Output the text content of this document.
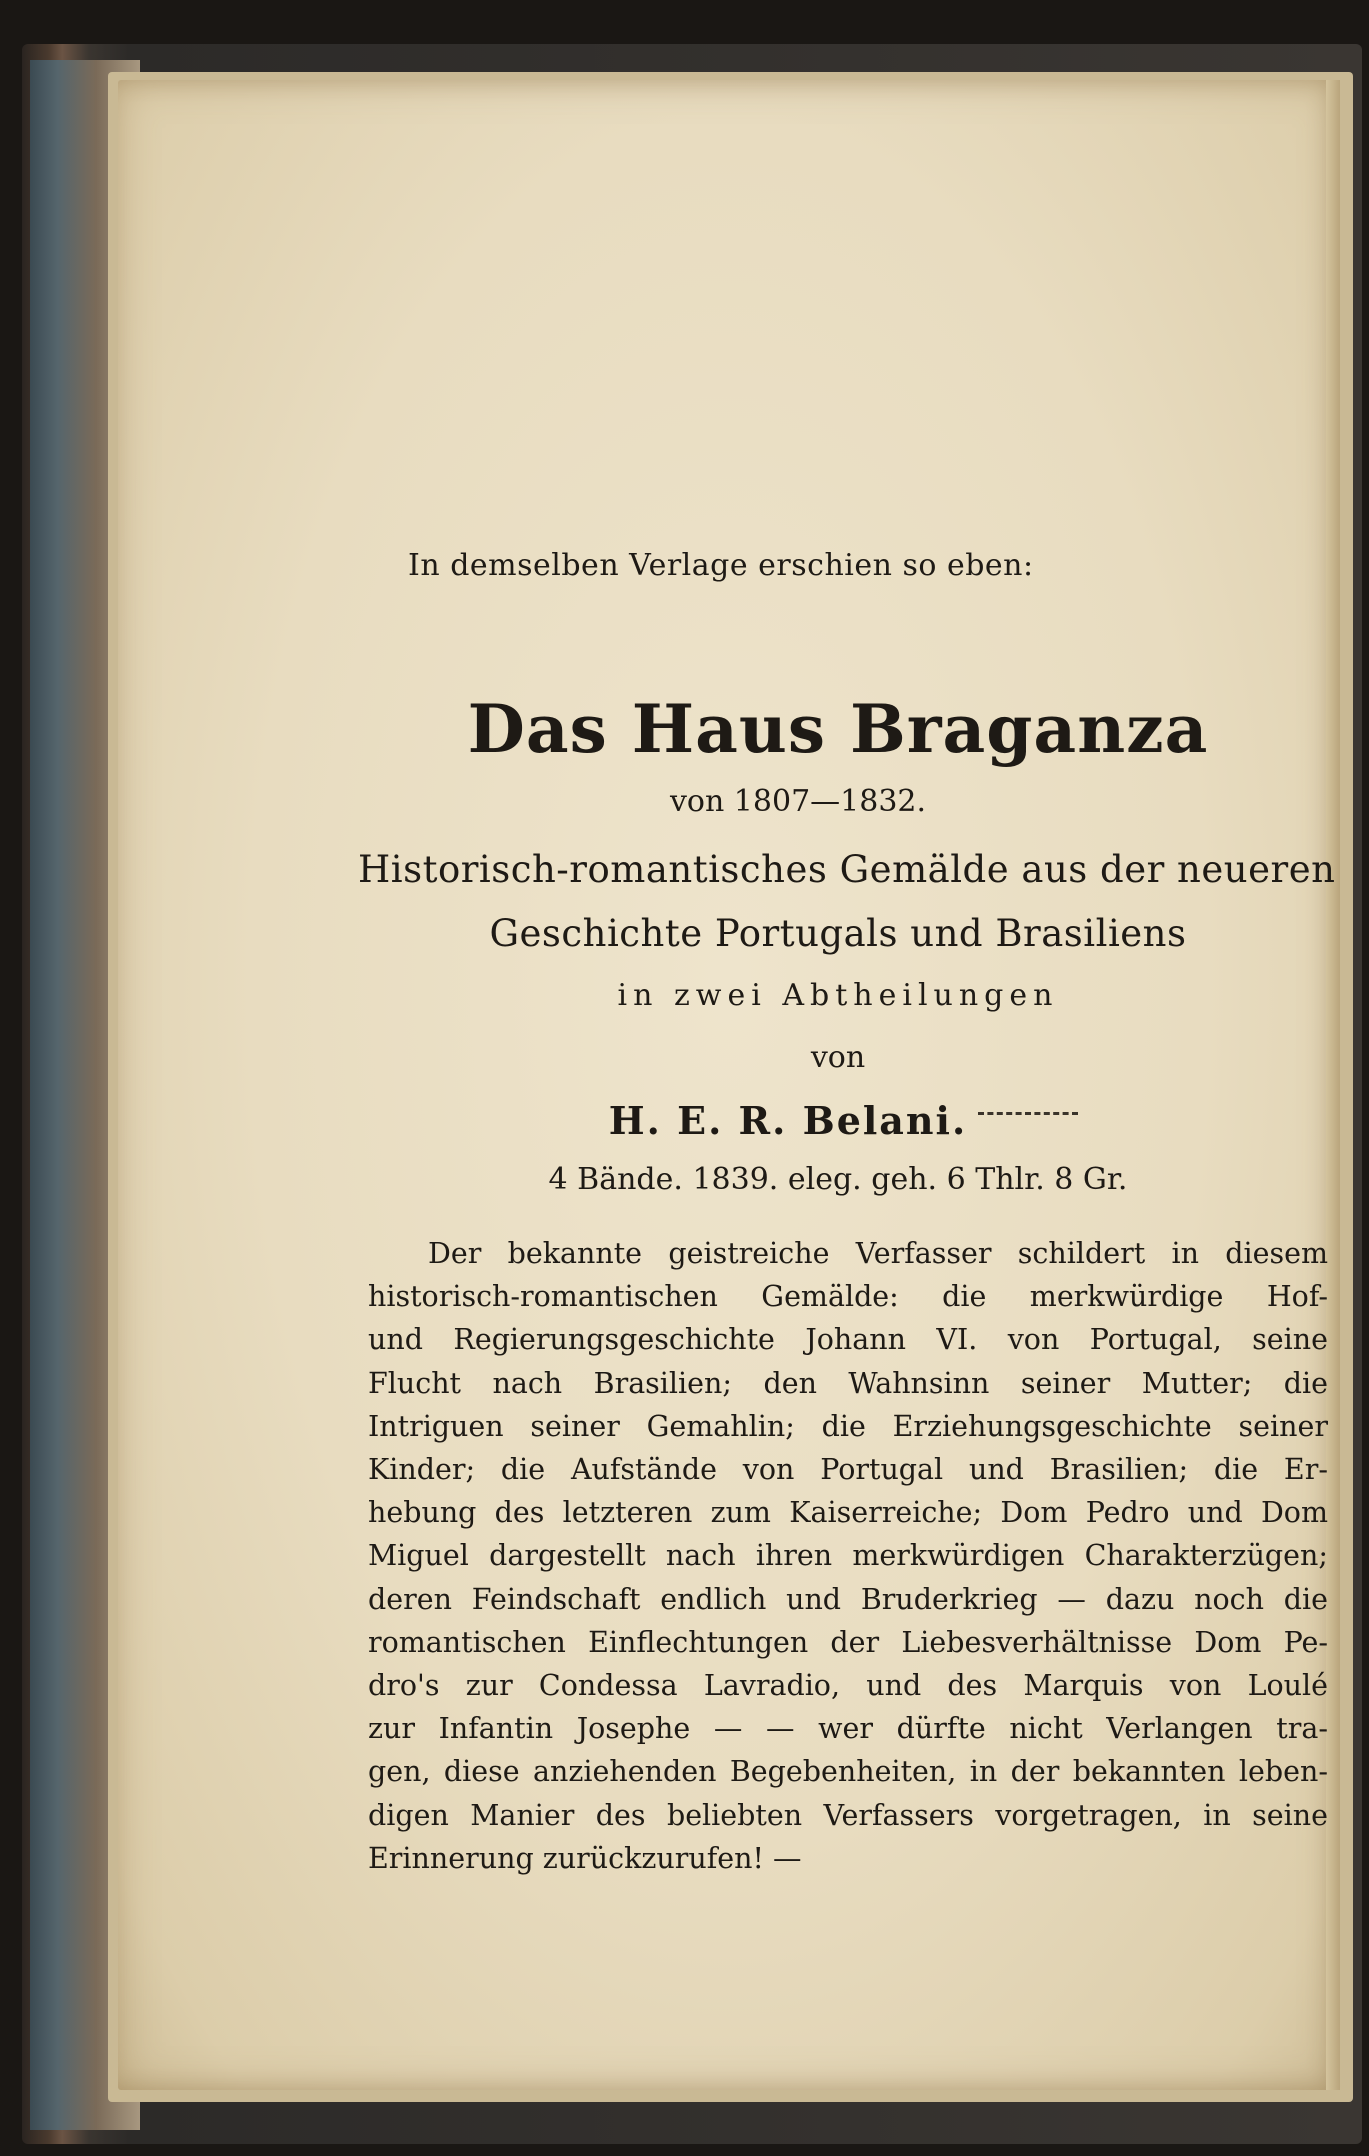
In demselben Verlage erschien so eben:
Das Haus Braganza
von 1807—1832.
Historisch-romantisches Gemälde aus der neueren
Geschichte Portugals und Brasiliens
in zwei Abtheilungen
von
H. E. R. Belani.
4 Bände. 1839. eleg. geh. 6 Thlr. 8 Gr.

Der bekannte geistreiche Verfasser schildert in diesem
historisch-romantischen Gemälde: die merkwürdige Hof-
und Regierungsgeschichte Johann VI. von Portugal, seine
Flucht nach Brasilien; den Wahnsinn seiner Mutter; die
Intriguen seiner Gemahlin; die Erziehungsgeschichte seiner
Kinder; die Aufstände von Portugal und Brasilien; die Er-
hebung des letzteren zum Kaiserreiche; Dom Pedro und Dom
Miguel dargestellt nach ihren merkwürdigen Charakterzügen;
deren Feindschaft endlich und Bruderkrieg — dazu noch die
romantischen Einflechtungen der Liebesverhältnisse Dom Pe-
dro's zur Condessa Lavradio, und des Marquis von Loulé
zur Infantin Josephe — — wer dürfte nicht Verlangen tra-
gen, diese anziehenden Begebenheiten, in der bekannten leben-
digen Manier des beliebten Verfassers vorgetragen, in seine
Erinnerung zurückzurufen! —
